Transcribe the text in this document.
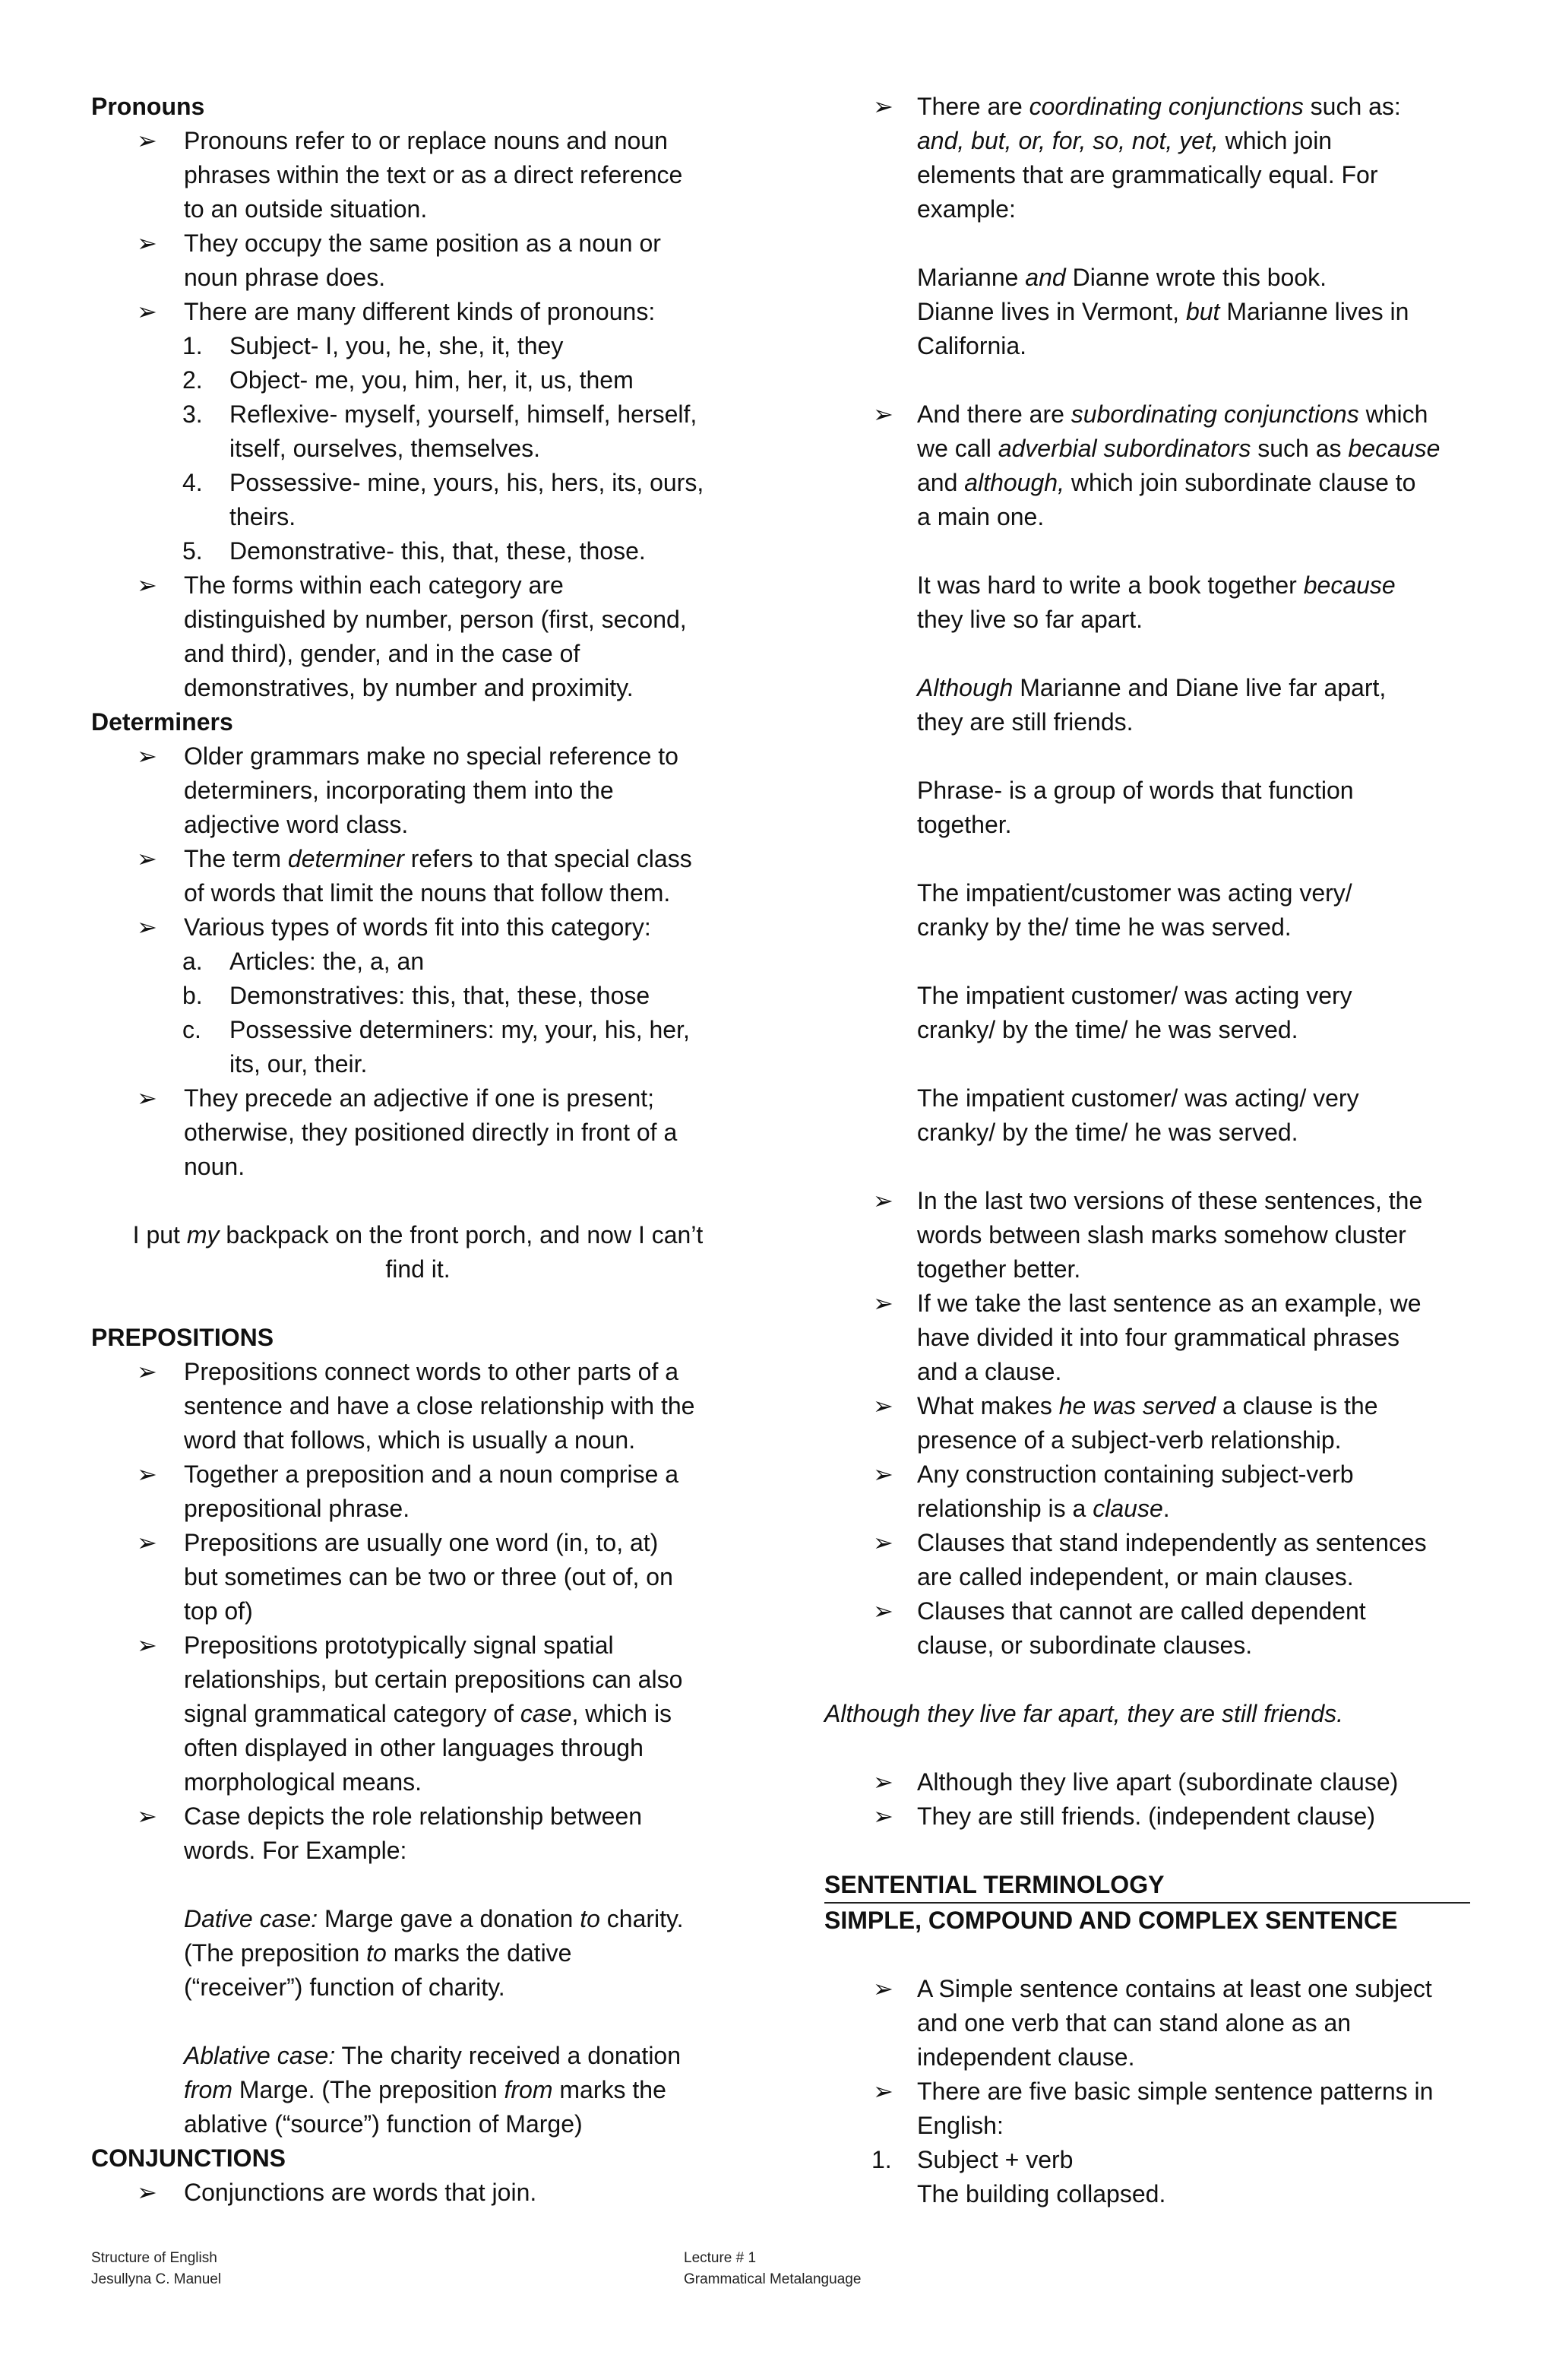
Pronouns
➢ Pronouns refer to or replace nouns and noun
phrases within the text or as a direct reference
to an outside situation.
➢ They occupy the same position as a noun or
noun phrase does.
➢ There are many different kinds of pronouns:
1. Subject- I, you, he, she, it, they
2. Object- me, you, him, her, it, us, them
3. Reflexive- myself, yourself, himself, herself,
itself, ourselves, themselves.
4. Possessive- mine, yours, his, hers, its, ours,
theirs.
5. Demonstrative- this, that, these, those.
➢ The forms within each category are
distinguished by number, person (first, second,
and third), gender, and in the case of
demonstratives, by number and proximity.
Determiners
➢ Older grammars make no special reference to
determiners, incorporating them into the
adjective word class.
➢ The term determiner refers to that special class
of words that limit the nouns that follow them.
➢ Various types of words fit into this category:
a. Articles: the, a, an
b. Demonstratives: this, that, these, those
c. Possessive determiners: my, your, his, her,
its, our, their.
➢ They precede an adjective if one is present;
otherwise, they positioned directly in front of a
noun.
I put my backpack on the front porch, and now I can’t
find it.
PREPOSITIONS
➢ Prepositions connect words to other parts of a
sentence and have a close relationship with the
word that follows, which is usually a noun.
➢ Together a preposition and a noun comprise a
prepositional phrase.
➢ Prepositions are usually one word (in, to, at)
but sometimes can be two or three (out of, on
top of)
➢ Prepositions prototypically signal spatial
relationships, but certain prepositions can also
signal grammatical category of case, which is
often displayed in other languages through
morphological means.
➢ Case depicts the role relationship between
words. For Example:
Dative case: Marge gave a donation to charity.
(The preposition to marks the dative
(“receiver”) function of charity.
Ablative case: The charity received a donation
from Marge. (The preposition from marks the
ablative (“source”) function of Marge)
CONJUNCTIONS
➢ Conjunctions are words that join.
➢ There are coordinating conjunctions such as:
and, but, or, for, so, not, yet, which join
elements that are grammatically equal. For
example:
Marianne and Dianne wrote this book.
Dianne lives in Vermont, but Marianne lives in
California.
➢ And there are subordinating conjunctions which
we call adverbial subordinators such as because
and although, which join subordinate clause to
a main one.
It was hard to write a book together because
they live so far apart.
Although Marianne and Diane live far apart,
they are still friends.
Phrase- is a group of words that function
together.
The impatient/customer was acting very/
cranky by the/ time he was served.
The impatient customer/ was acting very
cranky/ by the time/ he was served.
The impatient customer/ was acting/ very
cranky/ by the time/ he was served.
➢ In the last two versions of these sentences, the
words between slash marks somehow cluster
together better.
➢ If we take the last sentence as an example, we
have divided it into four grammatical phrases
and a clause.
➢ What makes he was served a clause is the
presence of a subject-verb relationship.
➢ Any construction containing subject-verb
relationship is a clause.
➢ Clauses that stand independently as sentences
are called independent, or main clauses.
➢ Clauses that cannot are called dependent
clause, or subordinate clauses.
Although they live far apart, they are still friends.
➢ Although they live apart (subordinate clause)
➢ They are still friends. (independent clause)
SENTENTIAL TERMINOLOGY
SIMPLE, COMPOUND AND COMPLEX SENTENCE
➢ A Simple sentence contains at least one subject
and one verb that can stand alone as an
independent clause.
➢ There are five basic simple sentence patterns in
English:
1. Subject + verb
The building collapsed.
Structure of English
Jesullyna C. Manuel
Lecture # 1
Grammatical Metalanguage
